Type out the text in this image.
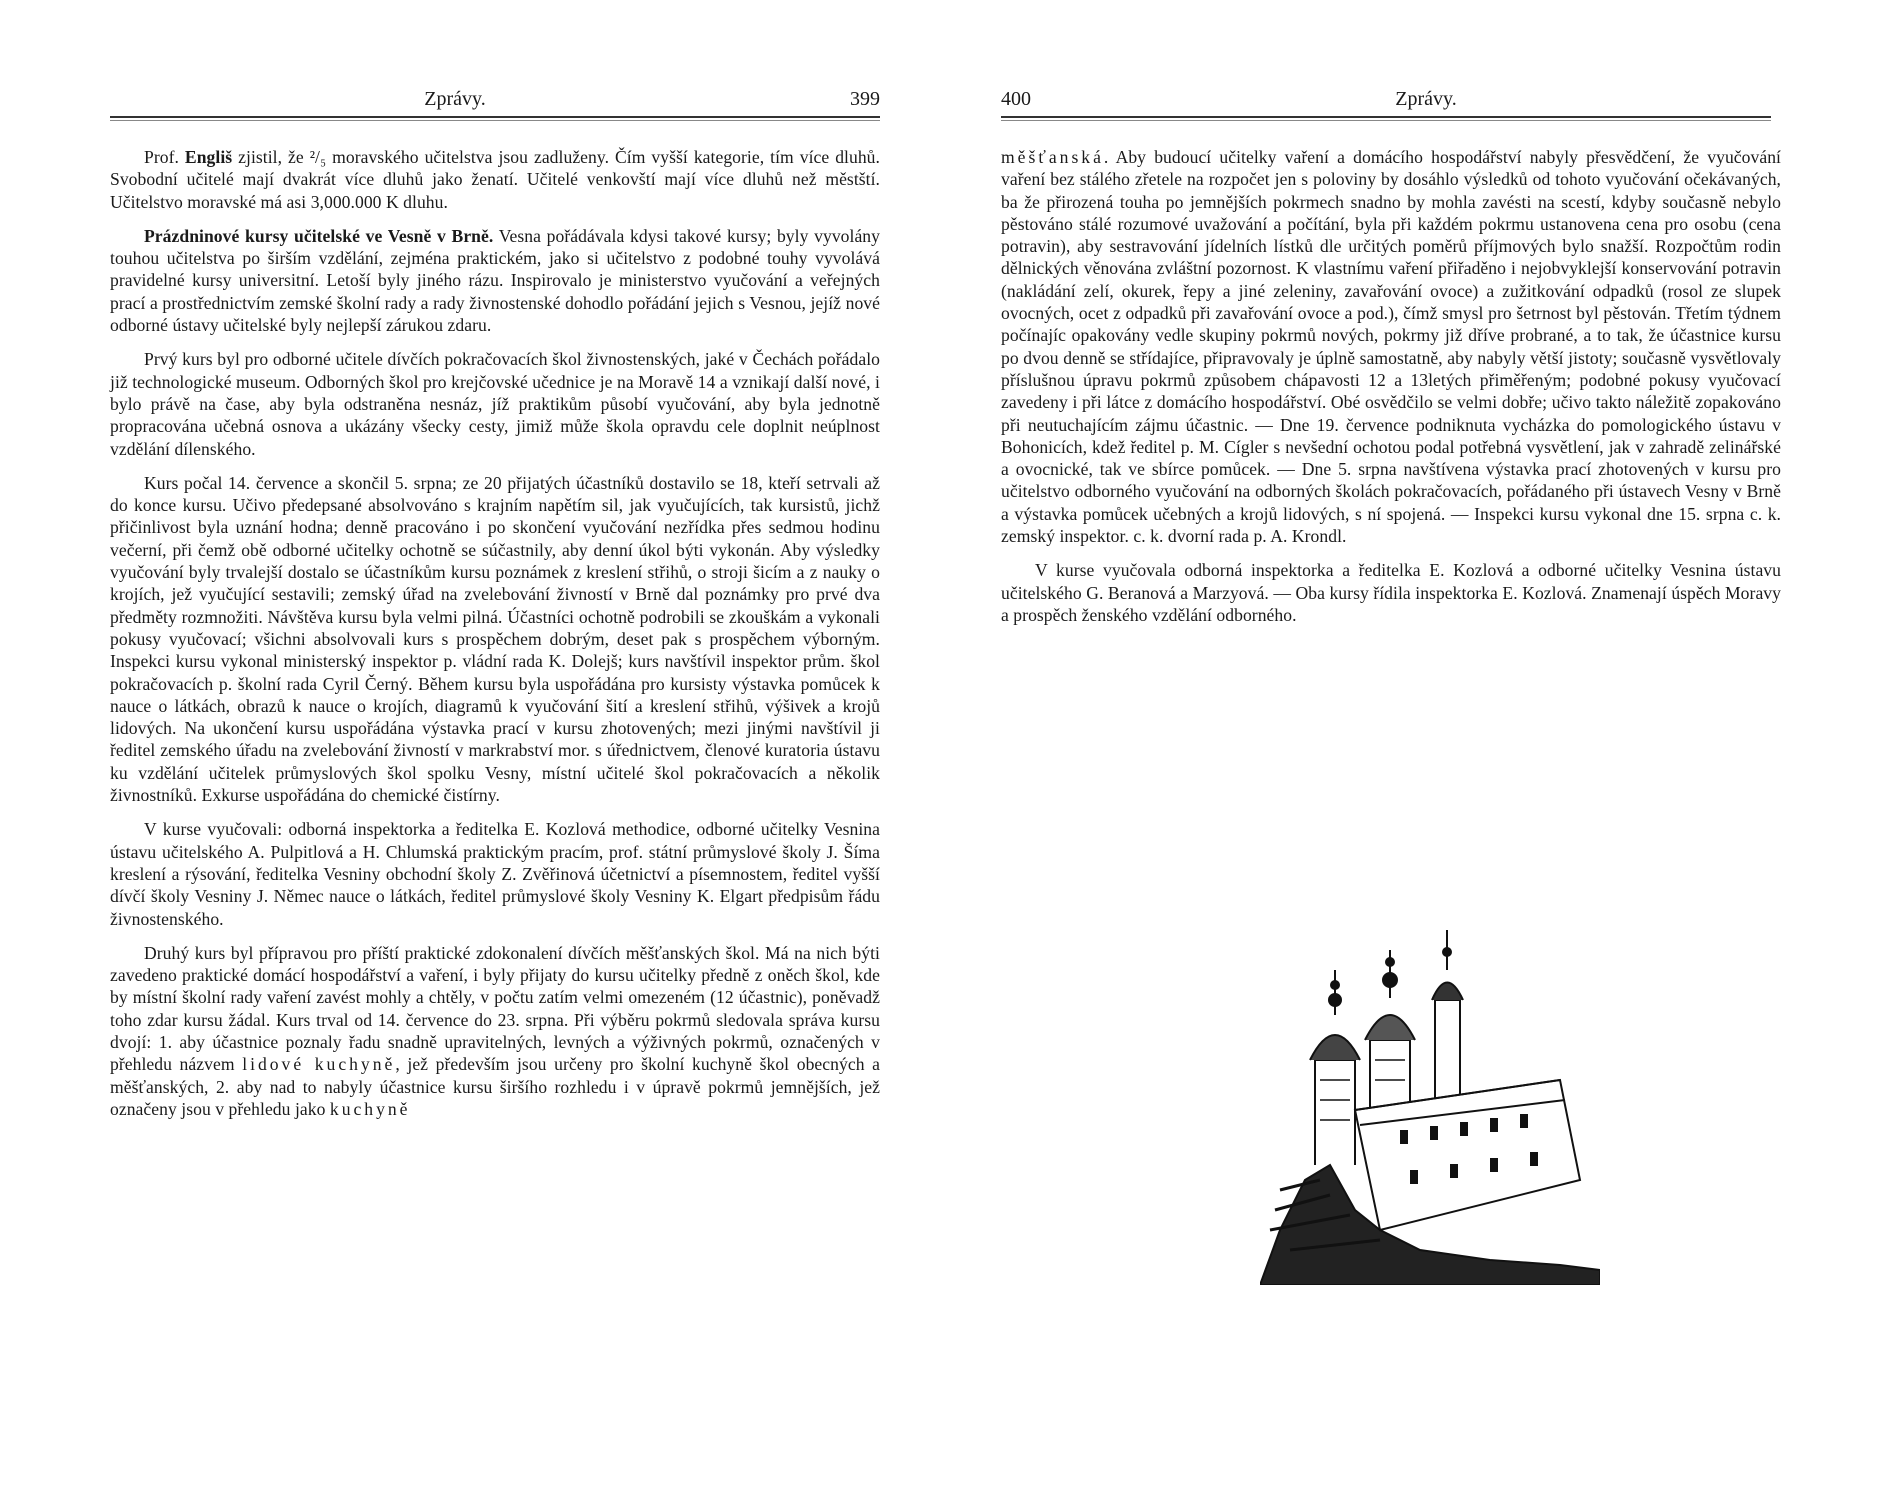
Zprávy.	399

Prof. Engliš zjistil, že ²/₅ moravského učitelstva jsou zadluženy. Čím vyšší kategorie, tím více dluhů. Svobodní učitelé mají dvakrát více dluhů jako ženatí. Učitelé venkovští mají více dluhů než městští. Učitelstvo moravské má asi 3,000.000 K dluhu.

Prázdninové kursy učitelské ve Vesně v Brně. Vesna pořádávala kdysi takové kursy; byly vyvolány touhou učitelstva po širším vzdělání, zejména praktickém, jako si učitelstvo z podobné touhy vyvolává pravidelné kursy universitní. Letoší byly jiného rázu. Inspirovalo je ministerstvo vyučování a veřejných prací a prostřednictvím zemské školní rady a rady živnostenské dohodlo pořádání jejich s Vesnou, jejíž nové odborné ústavy učitelské byly nejlepší zárukou zdaru.

Prvý kurs byl pro odborné učitele dívčích pokračovacích škol živnostenských, jaké v Čechách pořádalo již technologické museum. Odborných škol pro krejčovské učednice je na Moravě 14 a vznikají další nové, i bylo právě na čase, aby byla odstraněna nesnáz, jíž praktikům působí vyučování, aby byla jednotně propracována učebná osnova a ukázány všecky cesty, jimiž může škola opravdu cele doplnit neúplnost vzdělání dílenského.

Kurs počal 14. července a skončil 5. srpna; ze 20 přijatých účastníků dostavilo se 18, kteří setrvali až do konce kursu. Učivo předepsané absolvováno s krajním napětím sil, jak vyučujících, tak kursistů, jichž přičinlivost byla uznání hodna; denně pracováno i po skončení vyučování nezřídka přes sedmou hodinu večerní, při čemž obě odborné učitelky ochotně se súčastnily, aby denní úkol býti vykonán. Aby výsledky vyučování byly trvalejší dostalo se účastníkům kursu poznámek z kreslení střihů, o stroji šicím a z nauky o krojích, jež vyučující sestavili; zemský úřad na zvelebování živností v Brně dal poznámky pro prvé dva předměty rozmnožiti. Návštěva kursu byla velmi pilná. Účastníci ochotně podrobili se zkouškám a vykonali pokusy vyučovací; všichni absolvovali kurs s prospěchem dobrým, deset pak s prospěchem výborným. Inspekci kursu vykonal ministerský inspektor p. vládní rada K. Dolejš; kurs navštívil inspektor prům. škol pokračovacích p. školní rada Cyril Černý. Během kursu byla uspořádána pro kursisty výstavka pomůcek k nauce o látkách, obrazů k nauce o krojích, diagramů k vyučování šití a kreslení střihů, výšivek a krojů lidových. Na ukončení kursu uspořádána výstavka prací v kursu zhotovených; mezi jinými navštívil ji ředitel zemského úřadu na zvelebování živností v markrabství mor. s úřednictvem, členové kuratoria ústavu ku vzdělání učitelek průmyslových škol spolku Vesny, místní učitelé škol pokračovacích a několik živnostníků. Exkurse uspořádána do chemické čistírny.

V kurse vyučovali: odborná inspektorka a ředitelka E. Kozlová methodice, odborné učitelky Vesnina ústavu učitelského A. Pulpitlová a H. Chlumská praktickým pracím, prof. státní průmyslové školy J. Šíma kreslení a rýsování, ředitelka Vesniny obchodní školy Z. Zvěřinová účetnictví a písemnostem, ředitel vyšší dívčí školy Vesniny J. Němec nauce o látkách, ředitel průmyslové školy Vesniny K. Elgart předpisům řádu živnostenského.

Druhý kurs byl přípravou pro příští praktické zdokonalení dívčích měšťanských škol. Má na nich býti zavedeno praktické domácí hospodářství a vaření, i byly přijaty do kursu učitelky předně z oněch škol, kde by místní školní rady vaření zavést mohly a chtěly, v počtu zatím velmi omezeném (12 účastnic), poněvadž toho zdar kursu žádal. Kurs trval od 14. července do 23. srpna. Při výběru pokrmů sledovala správa kursu dvojí: 1. aby účastnice poznaly řadu snadně upravitelných, levných a výživných pokrmů, označených v přehledu názvem lidové kuchyně, jež především jsou určeny pro školní kuchyně škol obecných a měšťanských, 2. aby nad to nabyly účastnice kursu širšího rozhledu i v úpravě pokrmů jemnějších, jež označeny jsou v přehledu jako kuchyně

400	Zprávy.

měšťanská. Aby budoucí učitelky vaření a domácího hospodářství nabyly přesvědčení, že vyučování vaření bez stálého zřetele na rozpočet jen s poloviny by dosáhlo výsledků od tohoto vyučování očekávaných, ba že přirozená touha po jemnějších pokrmech snadno by mohla zavésti na scestí, kdyby současně nebylo pěstováno stálé rozumové uvažování a počítání, byla při každém pokrmu ustanovena cena pro osobu (cena potravin), aby sestravování jídelních lístků dle určitých poměrů příjmových bylo snažší. Rozpočtům rodin dělnických věnována zvláštní pozornost. K vlastnímu vaření přiřaděno i nejobvyklejší konservování potravin (nakládání zelí, okurek, řepy a jiné zeleniny, zavařování ovoce) a zužitkování odpadků (rosol ze slupek ovocných, ocet z odpadků při zavařování ovoce a pod.), čímž smysl pro šetrnost byl pěstován. Třetím týdnem počínajíc opakovány vedle skupiny pokrmů nových, pokrmy již dříve probrané, a to tak, že účastnice kursu po dvou denně se střídajíce, připravovaly je úplně samostatně, aby nabyly větší jistoty; současně vysvětlovaly příslušnou úpravu pokrmů způsobem chápavosti 12 a 13letých přiměřeným; podobné pokusy vyučovací zavedeny i při látce z domácího hospodářství. Obé osvědčilo se velmi dobře; učivo takto náležitě zopakováno při neutuchajícím zájmu účastnic. — Dne 19. července podniknuta vycházka do pomologického ústavu v Bohonicích, kdež ředitel p. M. Cígler s nevšední ochotou podal potřebná vysvětlení, jak v zahradě zelinářské a ovocnické, tak ve sbírce pomůcek. — Dne 5. srpna navštívena výstavka prací zhotovených v kursu pro učitelstvo odborného vyučování na odborných školách pokračovacích, pořádaného při ústavech Vesny v Brně a výstavka pomůcek učebných a krojů lidových, s ní spojená. — Inspekci kursu vykonal dne 15. srpna c. k. zemský inspektor. c. k. dvorní rada p. A. Krondl.

V kurse vyučovala odborná inspektorka a ředitelka E. Kozlová a odborné učitelky Vesnina ústavu učitelského G. Beranová a Marzyová. — Oba kursy řídila inspektorka E. Kozlová. Znamenají úspěch Moravy a prospěch ženského vzdělání odborného.
